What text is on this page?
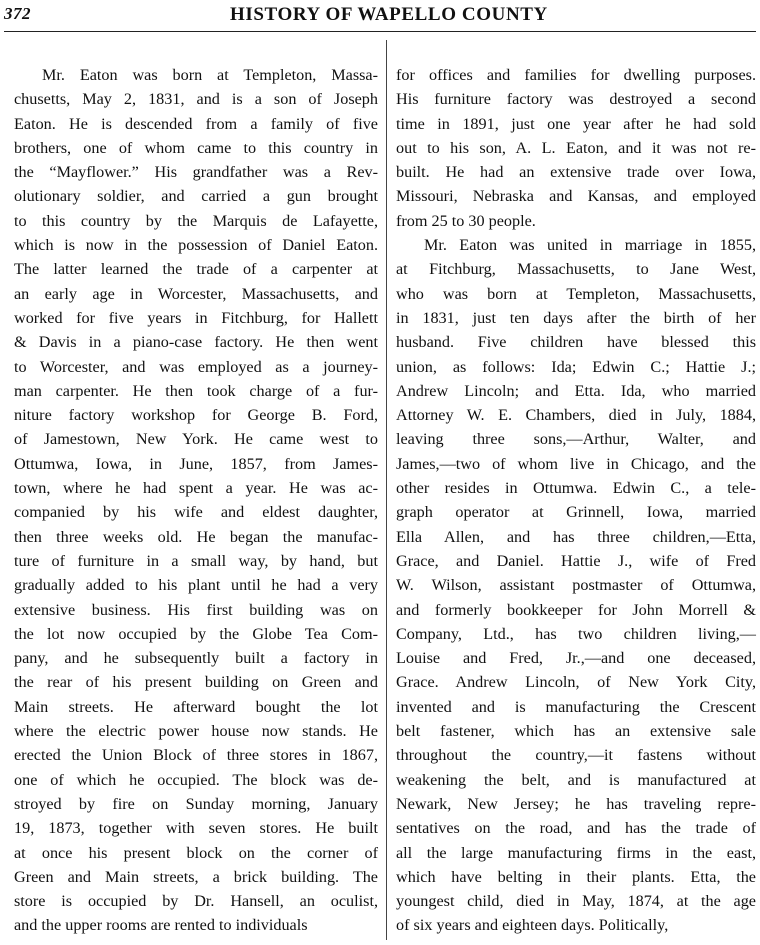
372	HISTORY OF WAPELLO COUNTY
Mr. Eaton was born at Templeton, Massa-
chusetts, May 2, 1831, and is a son of Joseph
Eaton. He is descended from a family of five
brothers, one of whom came to this country in
the “Mayflower.” His grandfather was a Rev-
olutionary soldier, and carried a gun brought
to this country by the Marquis de Lafayette,
which is now in the possession of Daniel Eaton.
The latter learned the trade of a carpenter at
an early age in Worcester, Massachusetts, and
worked for five years in Fitchburg, for Hallett
& Davis in a piano-case factory. He then went
to Worcester, and was employed as a journey-
man carpenter. He then took charge of a fur-
niture factory workshop for George B. Ford,
of Jamestown, New York. He came west to
Ottumwa, Iowa, in June, 1857, from James-
town, where he had spent a year. He was ac-
companied by his wife and eldest daughter,
then three weeks old. He began the manufac-
ture of furniture in a small way, by hand, but
gradually added to his plant until he had a very
extensive business. His first building was on
the lot now occupied by the Globe Tea Com-
pany, and he subsequently built a factory in
the rear of his present building on Green and
Main streets. He afterward bought the lot
where the electric power house now stands. He
erected the Union Block of three stores in 1867,
one of which he occupied. The block was de-
stroyed by fire on Sunday morning, January
19, 1873, together with seven stores. He built
at once his present block on the corner of
Green and Main streets, a brick building. The
store is occupied by Dr. Hansell, an oculist,
and the upper rooms are rented to individuals
for offices and families for dwelling purposes.
His furniture factory was destroyed a second
time in 1891, just one year after he had sold
out to his son, A. L. Eaton, and it was not re-
built. He had an extensive trade over Iowa,
Missouri, Nebraska and Kansas, and employed
from 25 to 30 people.
Mr. Eaton was united in marriage in 1855,
at Fitchburg, Massachusetts, to Jane West,
who was born at Templeton, Massachusetts,
in 1831, just ten days after the birth of her
husband. Five children have blessed this
union, as follows: Ida; Edwin C.; Hattie J.;
Andrew Lincoln; and Etta. Ida, who married
Attorney W. E. Chambers, died in July, 1884,
leaving three sons,—Arthur, Walter, and
James,—two of whom live in Chicago, and the
other resides in Ottumwa. Edwin C., a tele-
graph operator at Grinnell, Iowa, married
Ella Allen, and has three children,—Etta,
Grace, and Daniel. Hattie J., wife of Fred
W. Wilson, assistant postmaster of Ottumwa,
and formerly bookkeeper for John Morrell &
Company, Ltd., has two children living,—
Louise and Fred, Jr.,—and one deceased,
Grace. Andrew Lincoln, of New York City,
invented and is manufacturing the Crescent
belt fastener, which has an extensive sale
throughout the country,—it fastens without
weakening the belt, and is manufactured at
Newark, New Jersey; he has traveling repre-
sentatives on the road, and has the trade of
all the large manufacturing firms in the east,
which have belting in their plants. Etta, the
youngest child, died in May, 1874, at the age
of six years and eighteen days. Politically,
